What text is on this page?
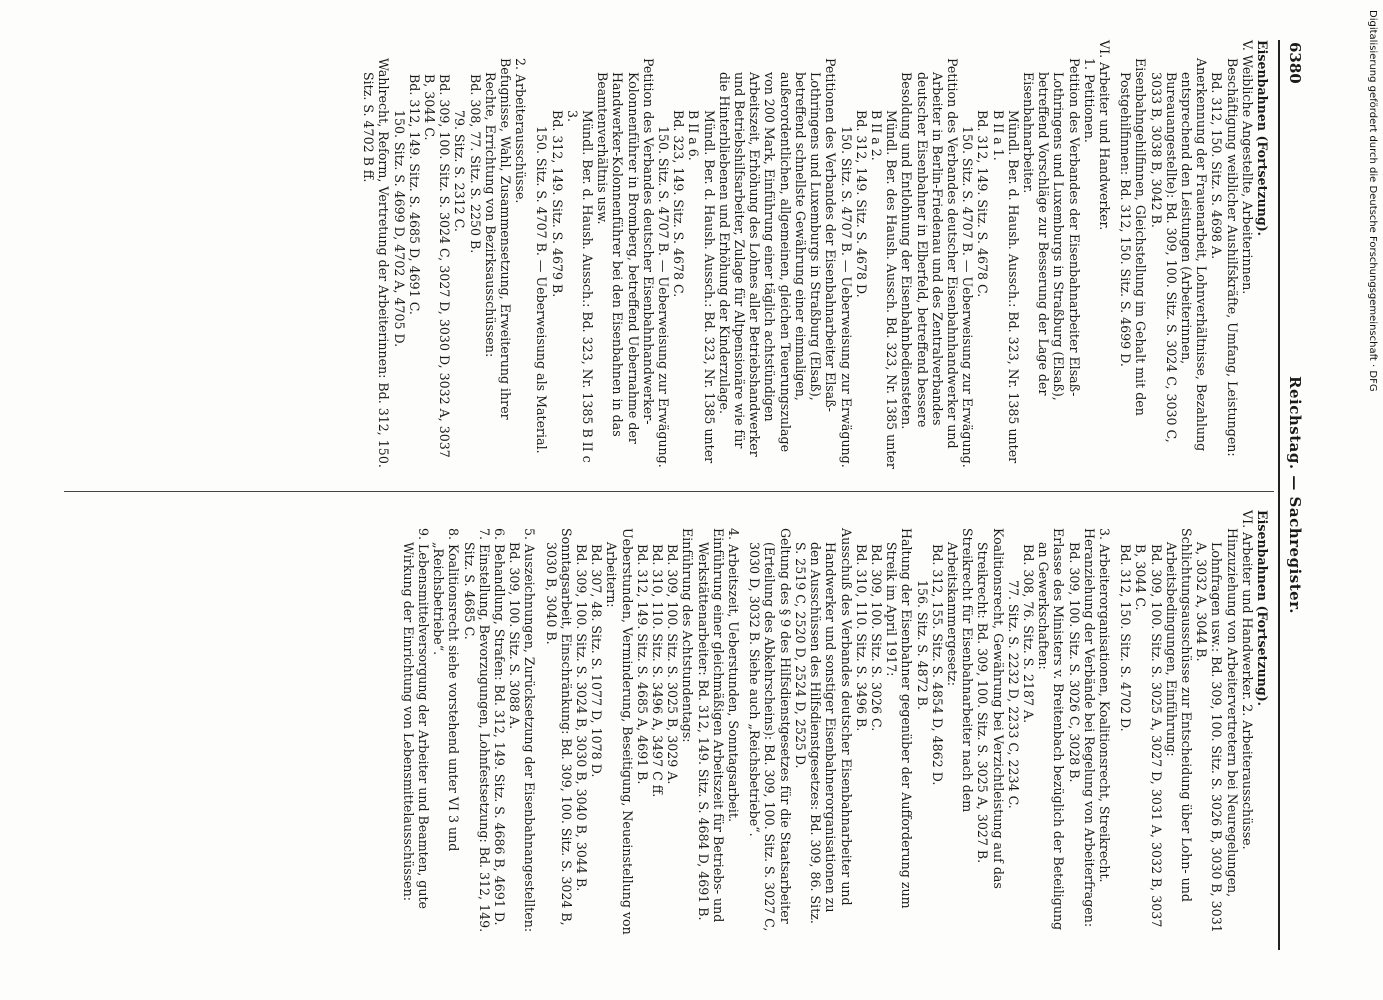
6380
Reichstag. — Sachregister.

Eisenbahnen (Fortsetzung).

V. Weibliche Angestellte, Arbeiterinnen.

Beschäftigung weiblicher Aushilfskräfte, Umfang, Leistungen: Bd. 312, 150. Sitz. S. 4698 A.

Anerkennung der Frauenarbeit, Lohnverhältnisse, Bezahlung entsprechend den Leistungen (Arbeiterinnen, Bureauangestellte): Bd. 309, 100. Sitz. S. 3024 C, 3030 C, 3033 B, 3038 B, 3042 B.

Eisenbahngehilfinnen, Gleichstellung im Gehalt mit den Postgehilfinnen: Bd. 312, 150. Sitz. S. 4699 D.

VI. Arbeiter und Handwerker.

1. Petitionen.

Petition des Verbandes der Eisenbahnarbeiter Elsaß-Lothringens und Luxemburgs in Straßburg (Elsaß), betreffend Vorschläge zur Besserung der Lage der Eisenbahnarbeiter.

Mündl. Ber. d. Haush. Aussch.: Bd. 323, Nr. 1385 unter B II a 1.

Bd. 312, 149. Sitz. S. 4678 C.

150. Sitz. S. 4707 B. — Ueberweisung zur Erwägung.

Petition des Verbandes deutscher Eisenbahnhandwerker und Arbeiter in Berlin-Friedenau und des Zentralverbandes deutscher Eisenbahner in Elberfeld, betreffend bessere Besoldung und Entlohnung der Eisenbahnbediensteten.

Mündl. Ber. des Haush. Aussch. Bd. 323, Nr. 1385 unter B II a 2.

Bd. 312, 149. Sitz. S. 4678 D.

150. Sitz. S. 4707 B. — Ueberweisung zur Erwägung.

Petitionen des Verbandes der Eisenbahnarbeiter Elsaß-Lothringens und Luxemburgs in Straßburg (Elsaß), betreffend schnellste Gewährung einer einmaligen, außerordentlichen, allgemeinen, gleichen Teuerungszulage von 200 Mark, Einführung einer täglich achtstündigen Arbeitszeit, Erhöhung des Lohnes aller Betriebshandwerker und Betriebshilfsarbeiter, Zulage für Altpensionäre wie für die Hinterbliebenen und Erhöhung der Kinderzulage.

Mündl. Ber. d. Haush. Aussch.: Bd. 323, Nr. 1385 unter B II a 6.

Bd. 323, 149. Sitz. S. 4678 C.

150. Sitz. S. 4707 B. — Ueberweisung zur Erwägung.

Petition des Verbandes deutscher Eisenbahnhandwerker-Kolonnenführer in Bromberg, betreffend Uebernahme der Handwerker-Kolonnenführer bei den Eisenbahnen in das Beamtenverhältnis usw.

Mündl. Ber. d. Haush. Aussch.: Bd. 323, Nr. 1385 B II c 3.

Bd. 312, 149. Sitz. S. 4679 B.

150. Sitz. S. 4707 B. — Ueberweisung als Material.

2. Arbeiterausschüsse.

Befugnisse, Wahl, Zusammensetzung, Erweiterung ihrer Rechte, Errichtung von Bezirksausschüssen:

Bd. 308, 77. Sitz. S. 2250 B.

79. Sitz. S. 2312 C.

Bd. 309, 100. Sitz. S. 3024 C, 3027 D, 3030 D, 3032 A, 3037 B, 3044 C.

Bd. 312, 149. Sitz. S. 4685 D, 4691 C.

150. Sitz. S. 4699 D, 4702 A, 4705 D.

Wahlrecht, Reform, Vertretung der Arbeiterinnen: Bd. 312, 150. Sitz. S. 4702 B ff.

Eisenbahnen (Fortsetzung).

VI. Arbeiter und Handwerker. 2. Arbeiterausschüsse.

Hinzuziehung von Arbeitervertretern bei Neuregelungen, Lohnfragen usw.: Bd. 309, 100. Sitz. S. 3026 B, 3030 B, 3031 A, 3032 A, 3044 B.

Schlichtungsausschüsse zur Entscheidung über Lohn- und Arbeitsbedingungen, Einführung:

Bd. 309, 100. Sitz. S. 3025 A, 3027 D, 3031 A, 3032 B, 3037 B, 3044 C.

Bd. 312, 150. Sitz. S. 4702 D.

3. Arbeiterorganisationen, Koalitionsrecht, Streikrecht.

Heranziehung der Verbände bei Regelung von Arbeiterfragen: Bd. 309, 100. Sitz. S. 3026 C, 3028 B.

Erlasse des Ministers v. Breitenbach bezüglich der Beteiligung an Gewerkschaften:

Bd. 308, 76. Sitz. S. 2187 A.

77. Sitz. S. 2232 D, 2233 C, 2234 C.

Koalitionsrecht, Gewährung bei Verzichtleistung auf das Streikrecht: Bd. 309, 100. Sitz. S. 3025 A, 3027 B.

Streikrecht für Eisenbahnarbeiter nach dem Arbeitskammergesetz:

Bd. 312, 155. Sitz. S. 4854 D, 4862 D.

156. Sitz. S. 4872 B.

Haltung der Eisenbahner gegenüber der Aufforderung zum Streik im April 1917:

Bd. 309, 100. Sitz. S. 3026 C.

Bd. 310, 110. Sitz. S. 3496 B.

Ausschuß des Verbandes deutscher Eisenbahnarbeiter und Handwerker und sonstiger Eisenbahnerorganisationen zu den Ausschüssen des Hilfsdienstgesetzes: Bd. 309, 86. Sitz. S. 2519 C, 2520 D, 2524 D, 2525 D.

Geltung des § 9 des Hilfsdienstgesetzes für die Staatsarbeiter (Erteilung des Abkehrscheins): Bd. 309, 100. Sitz. S. 3027 C, 3030 D, 3032 B. Siehe auch „Reichsbetriebe“.

4. Arbeitszeit, Ueberstunden, Sonntagsarbeit.

Einführung einer gleichmäßigen Arbeitszeit für Betriebs- und Werkstättenarbeiter: Bd. 312, 149. Sitz. S. 4684 D, 4691 B.

Einführung des Achtstundentags:

Bd. 309, 100. Sitz. S. 3025 B, 3029 A.

Bd. 310, 110. Sitz. S. 3496 A, 3497 C ff.

Bd. 312, 149. Sitz. S. 4685 A, 4691 B.

Ueberstunden, Verminderung, Beseitigung, Neueinstellung von Arbeitern:

Bd. 307, 48. Sitz. S. 1077 D, 1078 D.

Bd. 309, 100. Sitz. S. 3024 B, 3030 B, 3040 B, 3044 B.

Sonntagsarbeit, Einschränkung: Bd. 309, 100. Sitz. S. 3024 B, 3030 B, 3040 B.

5. Auszeichnungen, Zurücksetzung der Eisenbahnangestellten: Bd. 309, 100. Sitz. S. 3088 A.

6. Behandlung, Strafen: Bd. 312, 149. Sitz. S. 4686 B, 4691 D.

7. Einstellung, Bevorzugungen, Lohnfestsetzung: Bd. 312, 149. Sitz. S. 4685 C.

8. Koalitionsrecht siehe vorstehend unter VI 3 und „Reichsbetriebe“.

9. Lebensmittelversorgung der Arbeiter und Beamten, gute Wirkung der Einrichtung von Lebensmittelausschüssen:

Digitalisierung gefördert durch die Deutsche Forschungsgemeinschaft · DFG
